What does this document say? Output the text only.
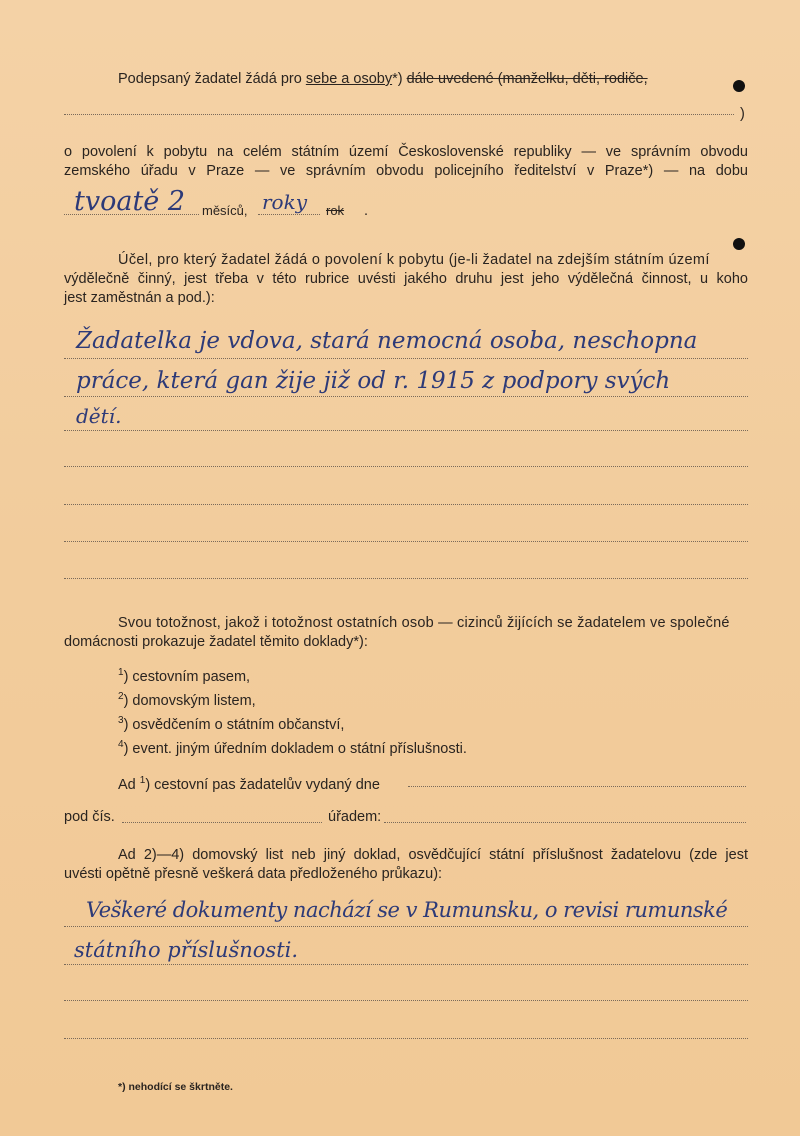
Podepsaný žadatel žádá pro sebe a osoby*) dále uvedené (manželku, děti, rodiče,
)
o povolení k pobytu na celém státním území Československé republiky — ve správním obvodu
zemského úřadu v Praze — ve správním obvodu policejního ředitelství v Praze*) — na dobu
tvoatě 2 měsíců, roky rok .
Účel, pro který žadatel žádá o povolení k pobytu (je-li žadatel na zdejším státním území
výdělečně činný, jest třeba v této rubrice uvésti jakého druhu jest jeho výdělečná činnost, u koho
jest zaměstnán a pod.):
Žadatelka je vdova, stará nemocná osoba, neschopna
práce, která gan žije již od r. 1915 z podpory svých
dětí.
Svou totožnost, jakož i totožnost ostatních osob — cizinců žijících se žadatelem ve společné
domácnosti prokazuje žadatel těmito doklady*):
$^1$) cestovním pasem,
$^2$) domovským listem,
$^3$) osvědčením o státním občanství,
$^4$) event. jiným úředním dokladem o státní příslušnosti.
Ad $^1$) cestovní pas žadatelův vydaný dne
pod čís.	úřadem:
Ad 2)—4) domovský list neb jiný doklad, osvědčující státní příslušnost žadatelovu (zde jest
uvésti opětně přesně veškerá data předloženého průkazu):
Veškeré dokumenty nachází se v Rumunsku, o revisi rumunské
státního příslušnosti.
*) nehodící se škrtněte.
